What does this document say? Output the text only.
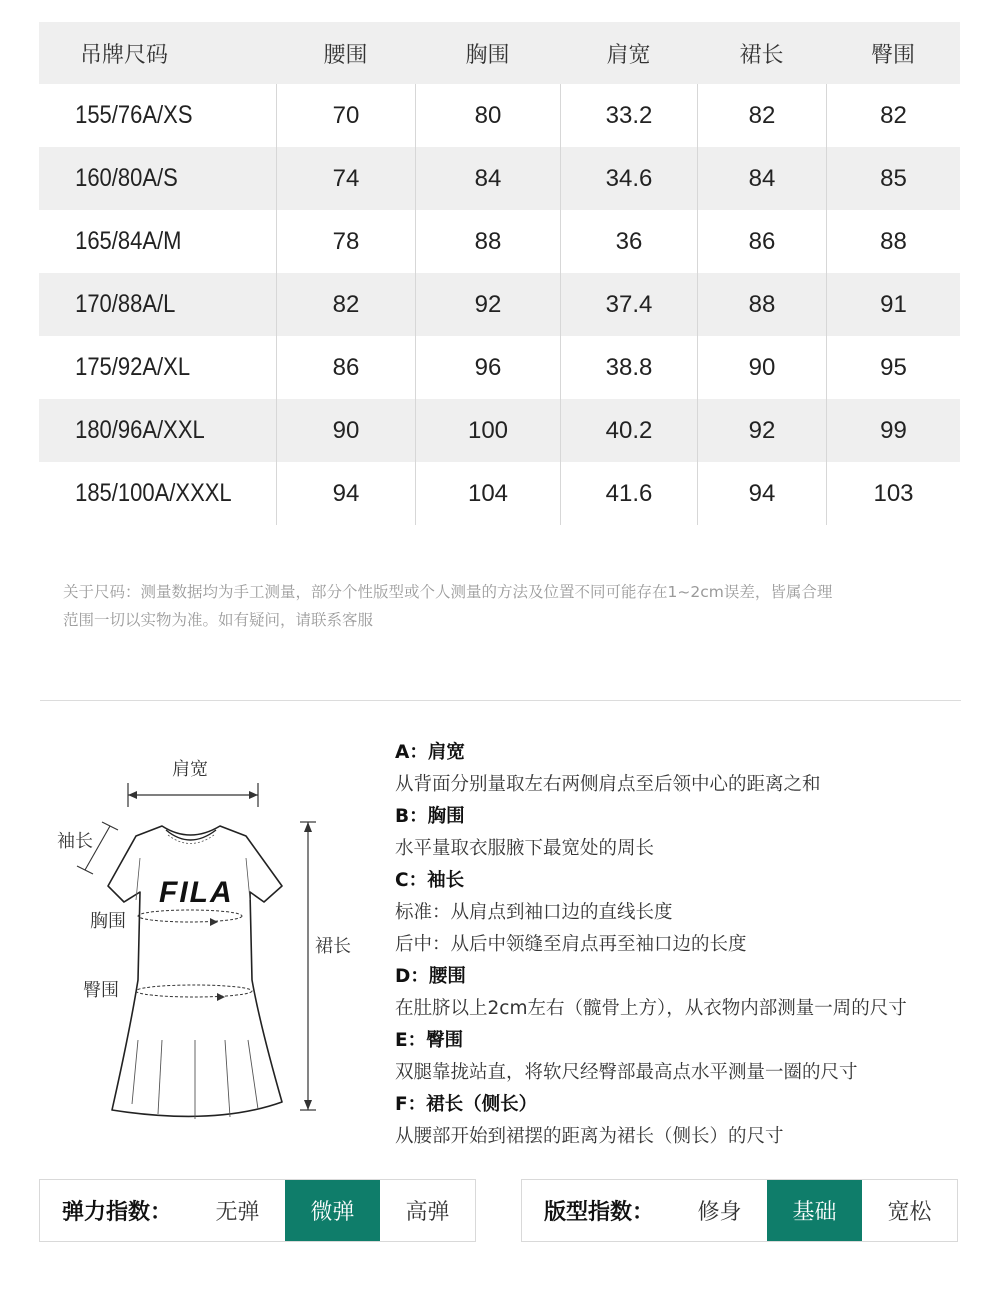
吊牌尺码	腰围	胸围	肩宽	裙长	臀围
155/76A/XS	70	80	33.2	82	82
160/80A/S	74	84	34.6	84	85
165/84A/M	78	88	36	86	88
170/88A/L	82	92	37.4	88	91
175/92A/XL	86	96	38.8	90	95
180/96A/XXL	90	100	40.2	92	99
185/100A/XXXL	94	104	41.6	94	103
关于尺码：测量数据均为手工测量，部分个性版型或个人测量的方法及位置不同可能存在1~2cm误差，皆属合理
范围一切以实物为准。如有疑问，请联系客服
FILA
肩宽
袖长
胸围
臀围
裙长
A：肩宽
从背面分别量取左右两侧肩点至后领中心的距离之和
B：胸围
水平量取衣服腋下最宽处的周长
C：袖长
标准：从肩点到袖口边的直线长度
后中：从后中领缝至肩点再至袖口边的长度
D：腰围
在肚脐以上2cm左右（髋骨上方），从衣物内部测量一周的尺寸
E：臀围
双腿靠拢站直，将软尺经臀部最高点水平测量一圈的尺寸
F：裙长（侧长）
从腰部开始到裙摆的距离为裙长（侧长）的尺寸
弹力指数：	无弹	微弹	高弹	版型指数：	修身	基础	宽松
